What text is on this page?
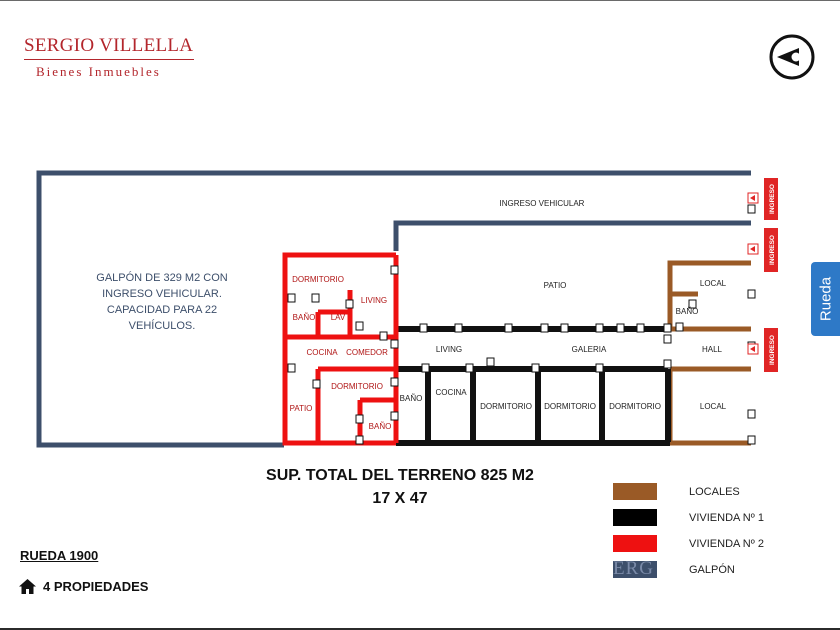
SERGIO VILLELLA
Bienes Inmuebles
Rueda
INGRESO
INGRESO
INGRESO
GALPÓN DE 329 M2 CON
INGRESO VEHICULAR.
CAPACIDAD PARA 22
VEHÍCULOS.
INGRESO VEHICULAR
DORMITORIO
LIVING
BAÑO LAV
COCINA COMEDOR
DORMITORIO
PATIO
BAÑO
LIVING	GALERIA
BAÑO
COCINA
DORMITORIO DORMITORIO DORMITORIO
PATIO	LOCAL
BAÑO
HALL
LOCAL
SUP. TOTAL DEL TERRENO 825 M2
17 X 47
RUEDA 1900
4 PROPIEDADES
LOCALES
VIVIENDA Nº 1
VIVIENDA Nº 2
ERG	GALPÓN
